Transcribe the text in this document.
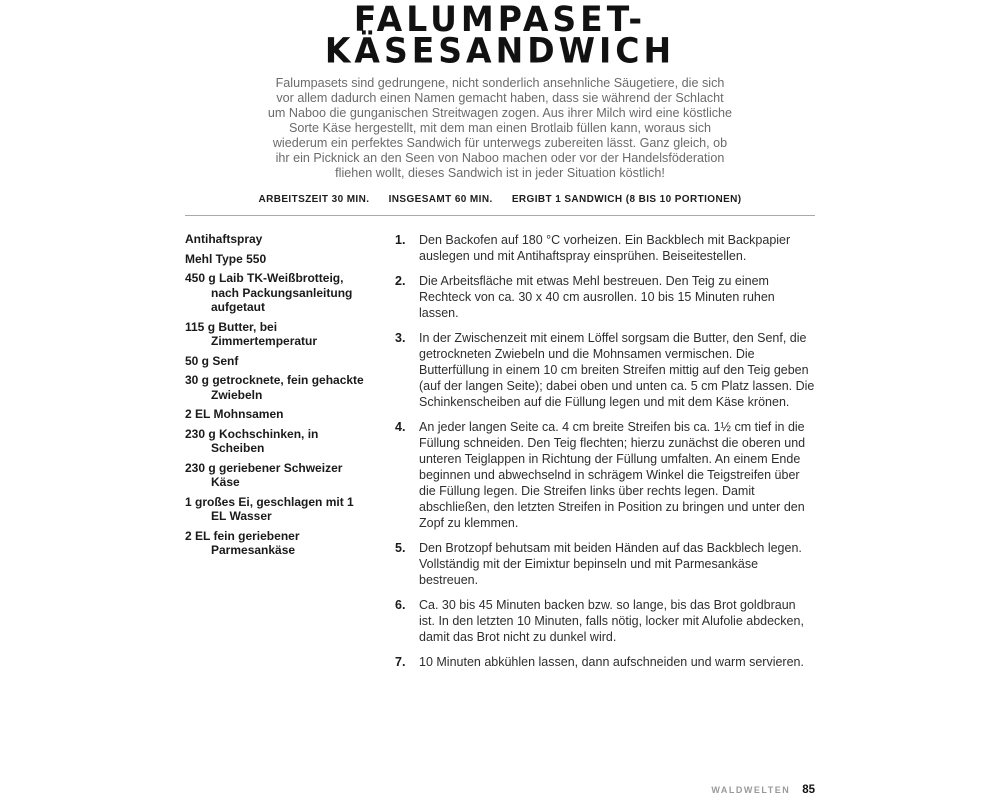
FALUMPASET-
KÄSESANDWICH

Falumpasets sind gedrungene, nicht sonderlich ansehnliche Säugetiere, die sich vor allem dadurch einen Namen gemacht haben, dass sie während der Schlacht um Naboo die gunganischen Streitwagen zogen. Aus ihrer Milch wird eine köstliche Sorte Käse hergestellt, mit dem man einen Brotlaib füllen kann, woraus sich wiederum ein perfektes Sandwich für unterwegs zubereiten lässt. Ganz gleich, ob ihr ein Picknick an den Seen von Naboo machen oder vor der Handelsföderation fliehen wollt, dieses Sandwich ist in jeder Situation köstlich!

ARBEITSZEIT 30 MIN. INSGESAMT 60 MIN. ERGIBT 1 SANDWICH (8 BIS 10 PORTIONEN)
Antihaftspray
Mehl Type 550
450 g Laib TK-Weißbrotteig, nach Packungsanleitung aufgetaut
115 g Butter, bei Zimmertemperatur
50 g Senf
30 g getrocknete, fein gehackte Zwiebeln
2 EL Mohnsamen
230 g Kochschinken, in Scheiben
230 g geriebener Schweizer Käse
1 großes Ei, geschlagen mit 1 EL Wasser
2 EL fein geriebener Parmesankäse
1.	Den Backofen auf 180 °C vorheizen. Ein Backblech mit Backpapier auslegen und mit Antihaftspray einsprühen. Beiseitestellen.
2.	Die Arbeitsfläche mit etwas Mehl bestreuen. Den Teig zu einem Rechteck von ca. 30 x 40 cm ausrollen. 10 bis 15 Minuten ruhen lassen.
3.	In der Zwischenzeit mit einem Löffel sorgsam die Butter, den Senf, die getrockneten Zwiebeln und die Mohnsamen vermischen. Die Butterfüllung in einem 10 cm breiten Streifen mittig auf den Teig geben (auf der langen Seite); dabei oben und unten ca. 5 cm Platz lassen. Die Schinkenscheiben auf die Füllung legen und mit dem Käse krönen.
4.	An jeder langen Seite ca. 4 cm breite Streifen bis ca. 1½ cm tief in die Füllung schneiden. Den Teig flechten; hierzu zunächst die oberen und unteren Teiglappen in Richtung der Füllung umfalten. An einem Ende beginnen und abwechselnd in schrägem Winkel die Teigstreifen über die Füllung legen. Die Streifen links über rechts legen. Damit abschließen, den letzten Streifen in Position zu bringen und unter den Zopf zu klemmen.
5.	Den Brotzopf behutsam mit beiden Händen auf das Backblech legen. Vollständig mit der Eimixtur bepinseln und mit Parmesankäse bestreuen.
6.	Ca. 30 bis 45 Minuten backen bzw. so lange, bis das Brot goldbraun ist. In den letzten 10 Minuten, falls nötig, locker mit Alufolie abdecken, damit das Brot nicht zu dunkel wird.
7.	10 Minuten abkühlen lassen, dann aufschneiden und warm servieren.
WALDWELTEN 85
